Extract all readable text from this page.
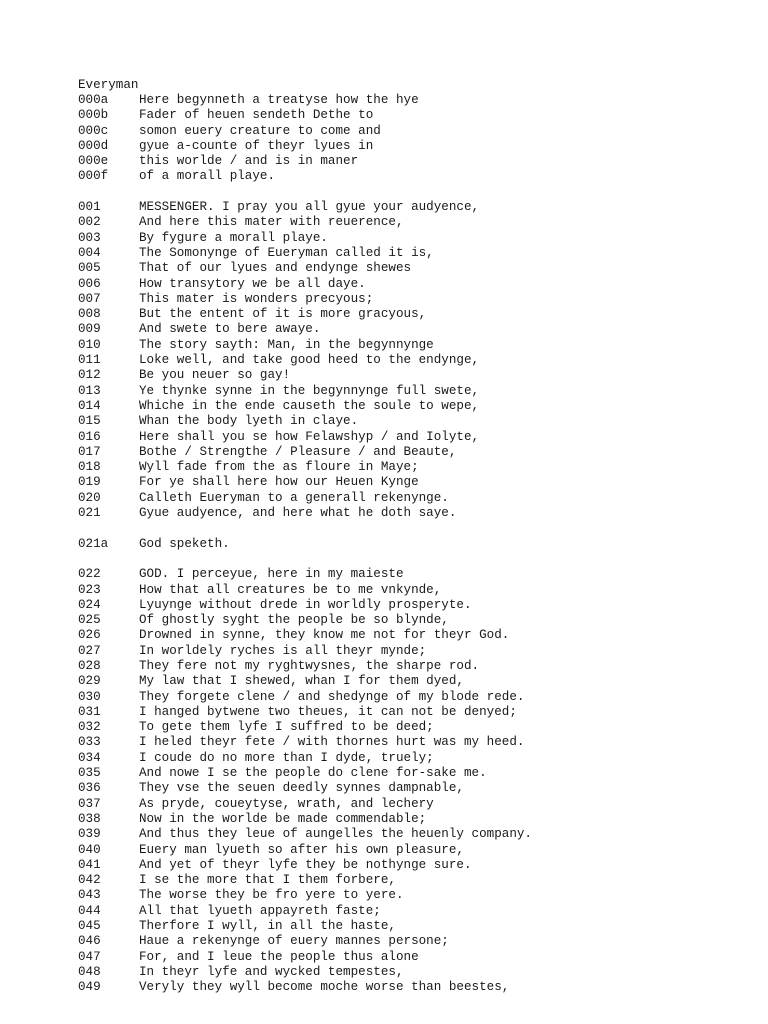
Everyman
000a	Here begynneth a treatyse how the hye
000b	Fader of heuen sendeth Dethe to
000c	somon euery creature to come and
000d	gyue a-counte of theyr lyues in
000e	this worlde / and is in maner
000f	of a morall playe.
001	MESSENGER. I pray you all gyue your audyence,
002	And here this mater with reuerence,
003	By fygure a morall playe.
004	The Somonynge of Eueryman called it is,
005	That of our lyues and endynge shewes
006	How transytory we be all daye.
007	This mater is wonders precyous;
008	But the entent of it is more gracyous,
009	And swete to bere awaye.
010	The story sayth: Man, in the begynnynge
011	Loke well, and take good heed to the endynge,
012	Be you neuer so gay!
013	Ye thynke synne in the begynnynge full swete,
014	Whiche in the ende causeth the soule to wepe,
015	Whan the body lyeth in claye.
016	Here shall you se how Felawshyp / and Iolyte,
017	Bothe / Strengthe / Pleasure / and Beaute,
018	Wyll fade from the as floure in Maye;
019	For ye shall here how our Heuen Kynge
020	Calleth Eueryman to a generall rekenynge.
021	Gyue audyence, and here what he doth saye.
021a	God speketh.
022	GOD. I perceyue, here in my maieste
023	How that all creatures be to me vnkynde,
024	Lyuynge without drede in worldly prosperyte.
025	Of ghostly syght the people be so blynde,
026	Drowned in synne, they know me not for theyr God.
027	In worldely ryches is all theyr mynde;
028	They fere not my ryghtwysnes, the sharpe rod.
029	My law that I shewed, whan I for them dyed,
030	They forgete clene / and shedynge of my blode rede.
031	I hanged bytwene two theues, it can not be denyed;
032	To gete them lyfe I suffred to be deed;
033	I heled theyr fete / with thornes hurt was my heed.
034	I coude do no more than I dyde, truely;
035	And nowe I se the people do clene for-sake me.
036	They vse the seuen deedly synnes dampnable,
037	As pryde, coueytyse, wrath, and lechery
038	Now in the worlde be made commendable;
039	And thus they leue of aungelles the heuenly company.
040	Euery man lyueth so after his own pleasure,
041	And yet of theyr lyfe they be nothynge sure.
042	I se the more that I them forbere,
043	The worse they be fro yere to yere.
044	All that lyueth appayreth faste;
045	Therfore I wyll, in all the haste,
046	Haue a rekenynge of euery mannes persone;
047	For, and I leue the people thus alone
048	In theyr lyfe and wycked tempestes,
049	Veryly they wyll become moche worse than beestes,
